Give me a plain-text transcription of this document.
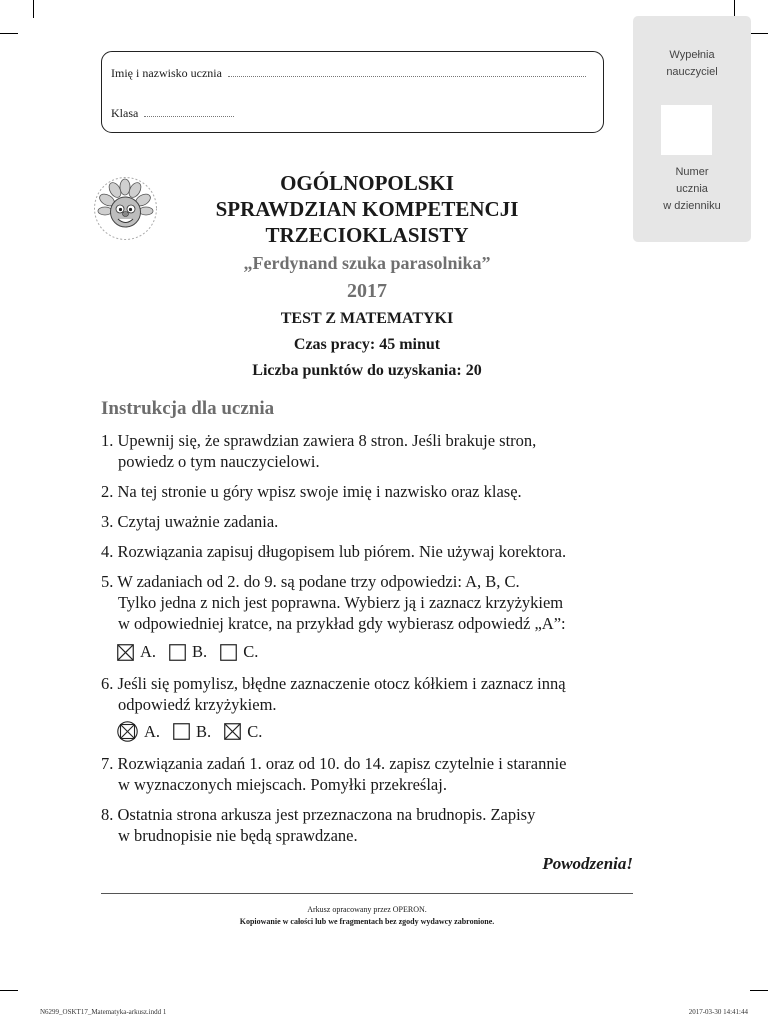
Imię i nazwisko ucznia
Klasa
Wypełnia
nauczyciel
Numer
ucznia
w dzienniku
OGÓLNOPOLSKI
SPRAWDZIAN KOMPETENCJI
TRZECIOKLASISTY
„Ferdynand szuka parasolnika”
2017
TEST Z MATEMATYKI
Czas pracy: 45 minut
Liczba punktów do uzyskania: 20
Instrukcja dla ucznia
1. Upewnij się, że sprawdzian zawiera 8 stron. Jeśli brakuje stron,
powiedz o tym nauczycielowi.
2. Na tej stronie u góry wpisz swoje imię i nazwisko oraz klasę.
3. Czytaj uważnie zadania.
4. Rozwiązania zapisuj długopisem lub piórem. Nie używaj korektora.
5. W zadaniach od 2. do 9. są podane trzy odpowiedzi: A, B, C.
Tylko jedna z nich jest poprawna. Wybierz ją i zaznacz krzyżykiem
w odpowiedniej kratce, na przykład gdy wybierasz odpowiedź „A”:
A. B. C.
6. Jeśli się pomylisz, błędne zaznaczenie otocz kółkiem i zaznacz inną
odpowiedź krzyżykiem.
A. B. C.
7. Rozwiązania zadań 1. oraz od 10. do 14. zapisz czytelnie i starannie
w wyznaczonych miejscach. Pomyłki przekreślaj.
8. Ostatnia strona arkusza jest przeznaczona na brudnopis. Zapisy
w brudnopisie nie będą sprawdzane.
Powodzenia!
Arkusz opracowany przez OPERON.
Kopiowanie w całości lub we fragmentach bez zgody wydawcy zabronione.
N6299_OSKT17_Matematyka-arkusz.indd 1	2017-03-30 14:41:44
